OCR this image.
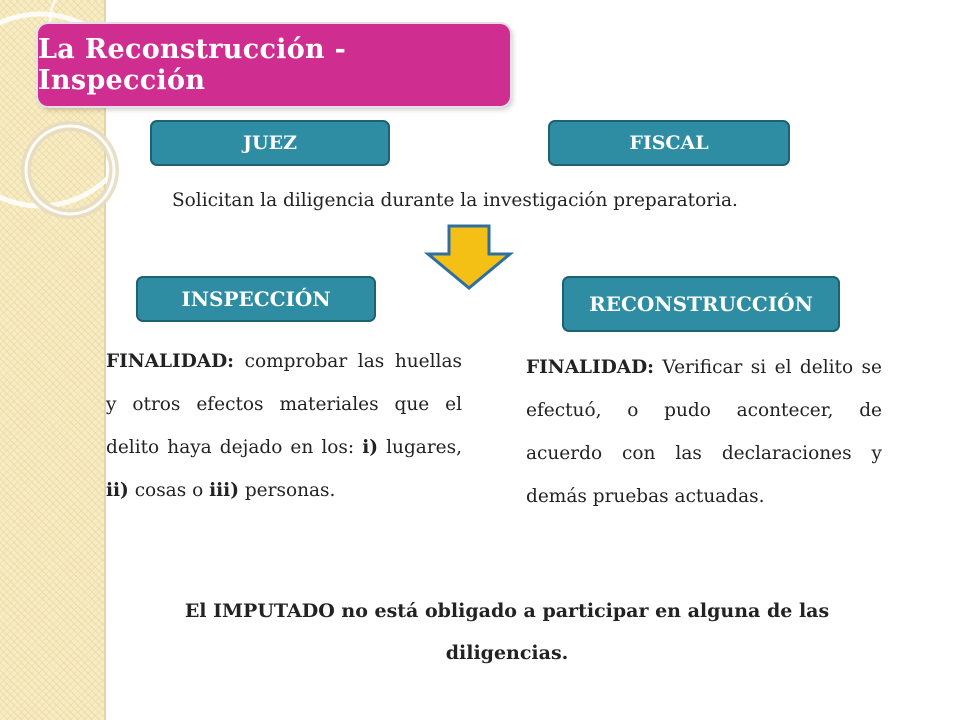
La Reconstrucción - Inspección
JUEZ	FISCAL
Solicitan la diligencia durante la investigación preparatoria.
INSPECCIÓN	RECONSTRUCCIÓN
FINALIDAD: comprobar las huellas y otros efectos materiales que el delito haya dejado en los: i) lugares, ii) cosas o iii) personas.
FINALIDAD: Verificar si el delito se efectuó, o pudo acontecer, de acuerdo con las declaraciones y demás pruebas actuadas.
El IMPUTADO no está obligado a participar en alguna de las diligencias.
